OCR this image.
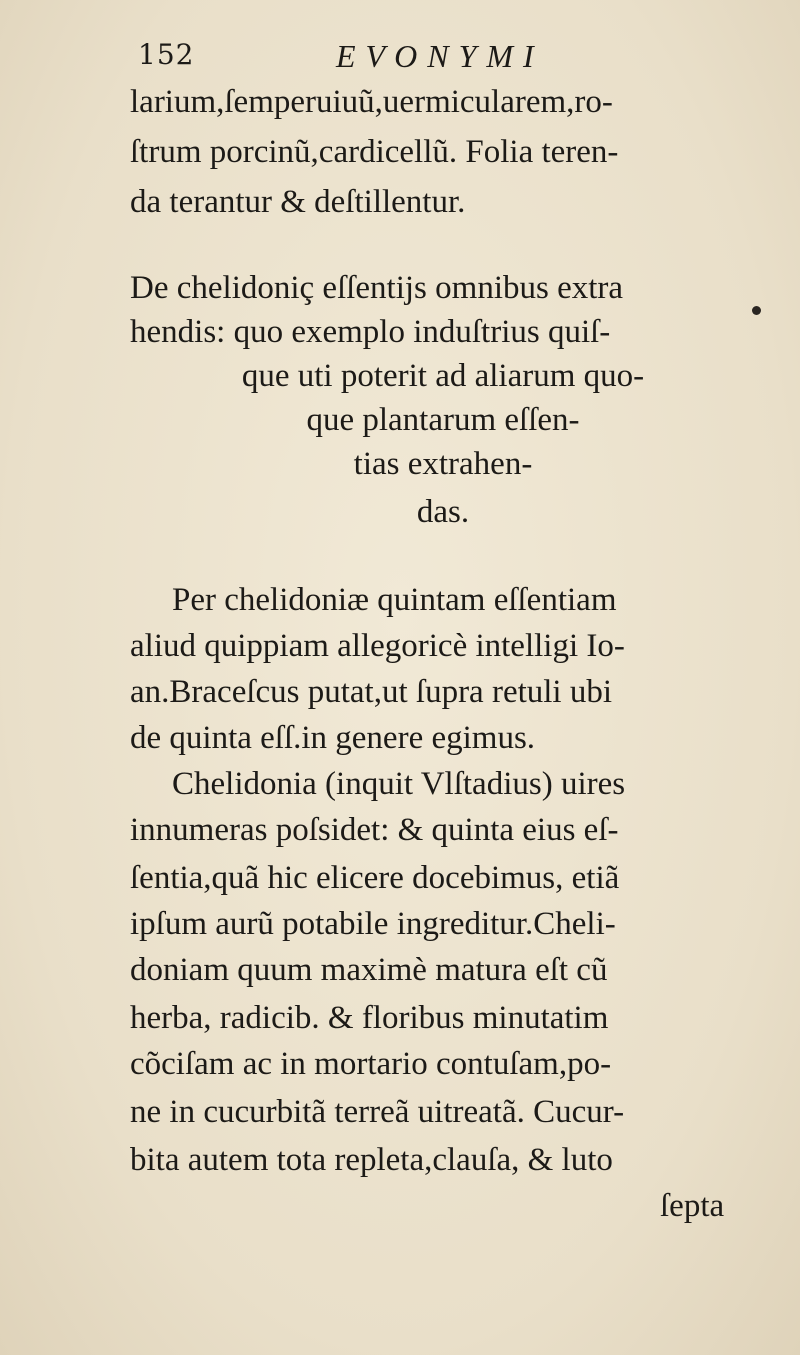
152	EVONYMI
larium,ſemperuiuũ,uermicularem,ro-
ſtrum porcinũ,cardicellũ. Folia teren-
da terantur & deſtillentur.
De chelidoniç eſſentijs omnibus extra
hendis: quo exemplo induſtrius quiſ-
que uti poterit ad aliarum quo-
que plantarum eſſen-
tias extrahen-
das.
Per chelidoniæ quintam eſſentiam
aliud quippiam allegoricè intelligi Io-
an.Braceſcus putat,ut ſupra retuli ubi
de quinta eſſ.in genere egimus.
Chelidonia (inquit Vlſtadius) uires
innumeras poſsidet: & quinta eius eſ-
ſentia,quã hic elicere docebimus, etiã
ipſum aurũ potabile ingreditur.Cheli-
doniam quum maximè matura eſt cũ
herba, radicib. & floribus minutatim
cõciſam ac in mortario contuſam,po-
ne in cucurbitã terreã uitreatã. Cucur-
bita autem tota repleta,clauſa, & luto
ſepta
